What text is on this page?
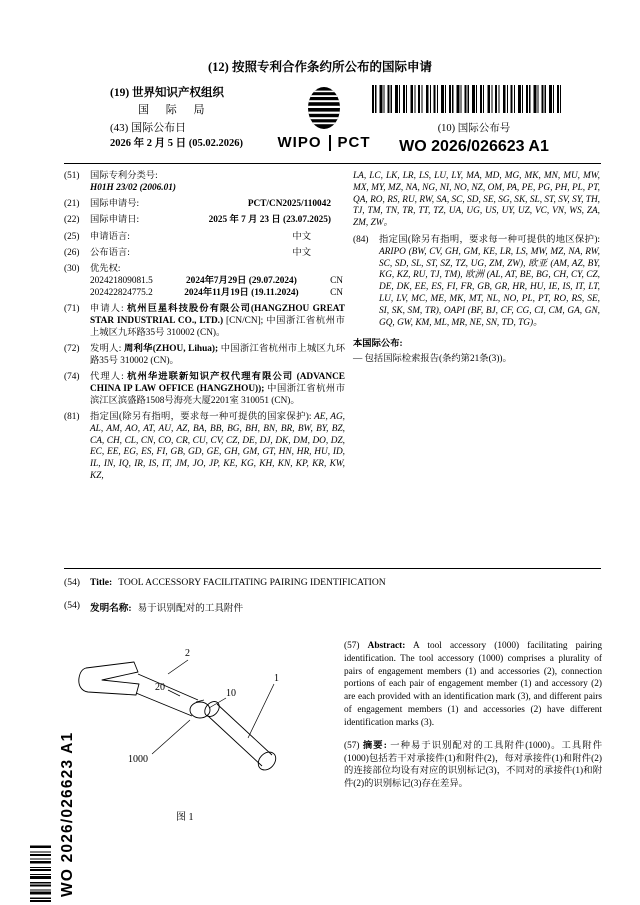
(12) 按照专利合作条约所公布的国际申请
(19) 世界知识产权组织
国 际 局
(43) 国际公布日
2026 年 2 月 5 日 (05.02.2026)	WIPO PCT
(10) 国际公布号
WO 2026/026623 A1
(51)	国际专利分类号:
H01H 23/02 (2006.01)
(21)	国际申请号:	PCT/CN2025/110042
(22)	国际申请日:	2025 年 7 月 23 日 (23.07.2025)
(25)	申请语言:	中文
(26)	公布语言:	中文
(30)	优先权:
202421809081.5	2024年7月29日 (29.07.2024)	CN
202422824775.2	2024年11月19日 (19.11.2024)	CN
(71)	申请人: 杭州巨星科技股份有限公司(HANGZHOU GREAT STAR INDUSTRIAL CO., LTD.) [CN/CN]; 中国浙江省杭州市上城区九环路35号 310002 (CN)。
(72)	发明人: 周利华(ZHOU, Lihua); 中国浙江省杭州市上城区九环路35号 310002 (CN)。
(74)	代理人: 杭州华进联新知识产权代理有限公司 (ADVANCE CHINA IP LAW OFFICE (HANGZHOU)); 中国浙江省杭州市滨江区滨盛路1508号海亮大厦2201室 310051 (CN)。
(81)	指定国(除另有指明，要求每一种可提供的国家保护): AE, AG, AL, AM, AO, AT, AU, AZ, BA, BB, BG, BH, BN, BR, BW, BY, BZ, CA, CH, CL, CN, CO, CR, CU, CV, CZ, DE, DJ, DK, DM, DO, DZ, EC, EE, EG, ES, FI, GB, GD, GE, GH, GM, GT, HN, HR, HU, ID, IL, IN, IQ, IR, IS, IT, JM, JO, JP, KE, KG, KH, KN, KP, KR, KW, KZ,
LA, LC, LK, LR, LS, LU, LY, MA, MD, MG, MK, MN, MU, MW, MX, MY, MZ, NA, NG, NI, NO, NZ, OM, PA, PE, PG, PH, PL, PT, QA, RO, RS, RU, RW, SA, SC, SD, SE, SG, SK, SL, ST, SV, SY, TH, TJ, TM, TN, TR, TT, TZ, UA, UG, US, UY, UZ, VC, VN, WS, ZA, ZM, ZW。
(84)	指定国(除另有指明，要求每一种可提供的地区保护): ARIPO (BW, CV, GH, GM, KE, LR, LS, MW, MZ, NA, RW, SC, SD, SL, ST, SZ, TZ, UG, ZM, ZW), 欧亚 (AM, AZ, BY, KG, KZ, RU, TJ, TM), 欧洲 (AL, AT, BE, BG, CH, CY, CZ, DE, DK, EE, ES, FI, FR, GB, GR, HR, HU, IE, IS, IT, LT, LU, LV, MC, ME, MK, MT, NL, NO, PL, PT, RO, RS, SE, SI, SK, SM, TR), OAPI (BF, BJ, CF, CG, CI, CM, GA, GN, GQ, GW, KM, ML, MR, NE, SN, TD, TG)。
本国际公布:
— 包括国际检索报告(条约第21条(3))。
(54)	Title: TOOL ACCESSORY FACILITATING PAIRING IDENTIFICATION
(54)	发明名称: 易于识别配对的工具附件
2
20
10
1
1000
图 1

(57) Abstract: A tool accessory (1000) facilitating pairing identification. The tool accessory (1000) comprises a plurality of pairs of engagement members (1) and accessories (2), connection portions of each pair of engagement member (1) and accessory (2) are each provided with an identification mark (3), and different pairs of engagement members (1) and accessories (2) have different identification marks (3).

(57) 摘要: 一种易于识别配对的工具附件(1000)。工具附件(1000)包括若干对承接件(1)和附件(2)，每对承接件(1)和附件(2)的连接部位均设有对应的识别标记(3)，不同对的承接件(1)和附件(2)的识别标记(3)存在差异。

WO 2026/026623 A1
